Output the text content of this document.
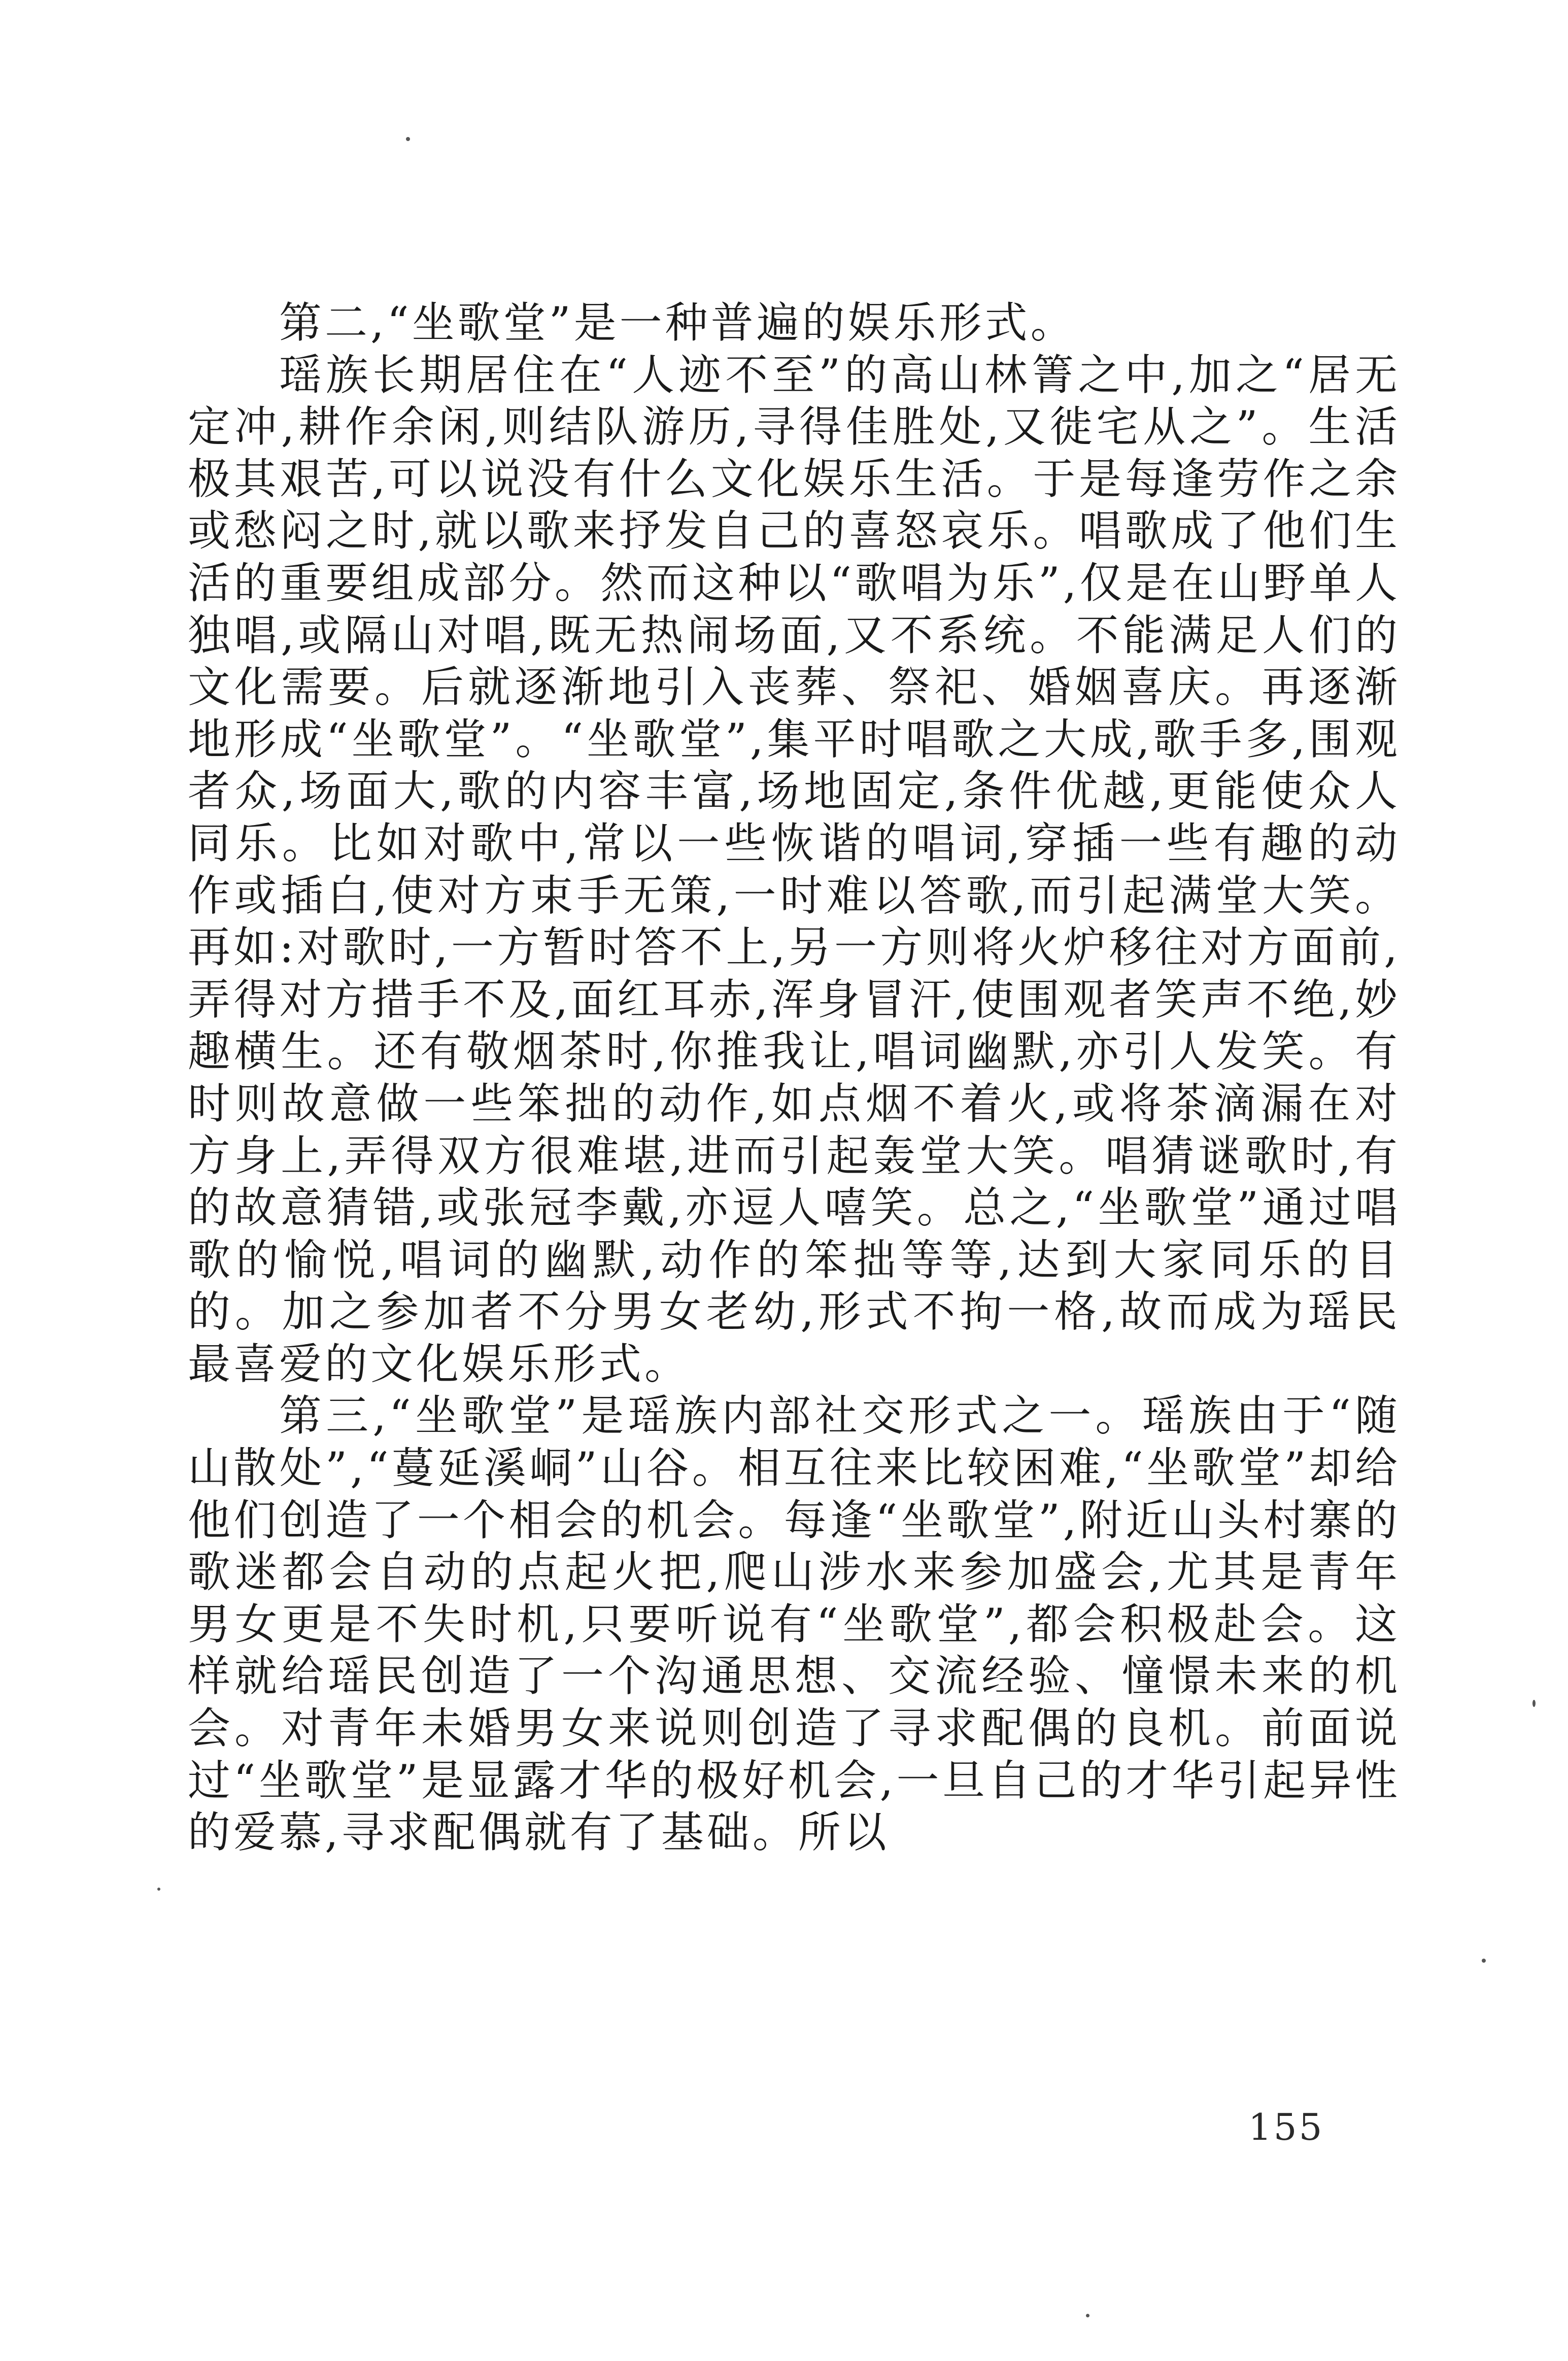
第二,“坐歌堂”是一种普遍的娱乐形式。

瑶族长期居住在“人迹不至”的高山林箐之中,加之“居无定冲,耕作余闲,则结队游历,寻得佳胜处,又徙宅从之”。生活极其艰苦,可以说没有什么文化娱乐生活。于是每逢劳作之余或愁闷之时,就以歌来抒发自己的喜怒哀乐。唱歌成了他们生活的重要组成部分。然而这种以“歌唱为乐”,仅是在山野单人独唱,或隔山对唱,既无热闹场面,又不系统。不能满足人们的文化需要。后就逐渐地引入丧葬、祭祀、婚姻喜庆。再逐渐地形成“坐歌堂”。“坐歌堂”,集平时唱歌之大成,歌手多,围观者众,场面大,歌的内容丰富,场地固定,条件优越,更能使众人同乐。比如对歌中,常以一些恢谐的唱词,穿插一些有趣的动作或插白,使对方束手无策,一时难以答歌,而引起满堂大笑。再如:对歌时,一方暂时答不上,另一方则将火炉移往对方面前,弄得对方措手不及,面红耳赤,浑身冒汗,使围观者笑声不绝,妙趣横生。还有敬烟茶时,你推我让,唱词幽默,亦引人发笑。有时则故意做一些笨拙的动作,如点烟不着火,或将茶滴漏在对方身上,弄得双方很难堪,进而引起轰堂大笑。唱猜谜歌时,有的故意猜错,或张冠李戴,亦逗人嘻笑。总之,“坐歌堂”通过唱歌的愉悦,唱词的幽默,动作的笨拙等等,达到大家同乐的目的。加之参加者不分男女老幼,形式不拘一格,故而成为瑶民最喜爱的文化娱乐形式。

第三,“坐歌堂”是瑶族内部社交形式之一。瑶族由于“随山散处”,“蔓延溪峒”山谷。相互往来比较困难,“坐歌堂”却给他们创造了一个相会的机会。每逢“坐歌堂”,附近山头村寨的歌迷都会自动的点起火把,爬山涉水来参加盛会,尤其是青年男女更是不失时机,只要听说有“坐歌堂”,都会积极赴会。这样就给瑶民创造了一个沟通思想、交流经验、憧憬未来的机会。对青年未婚男女来说则创造了寻求配偶的良机。前面说过“坐歌堂”是显露才华的极好机会,一旦自己的才华引起异性的爱慕,寻求配偶就有了基础。所以

155
